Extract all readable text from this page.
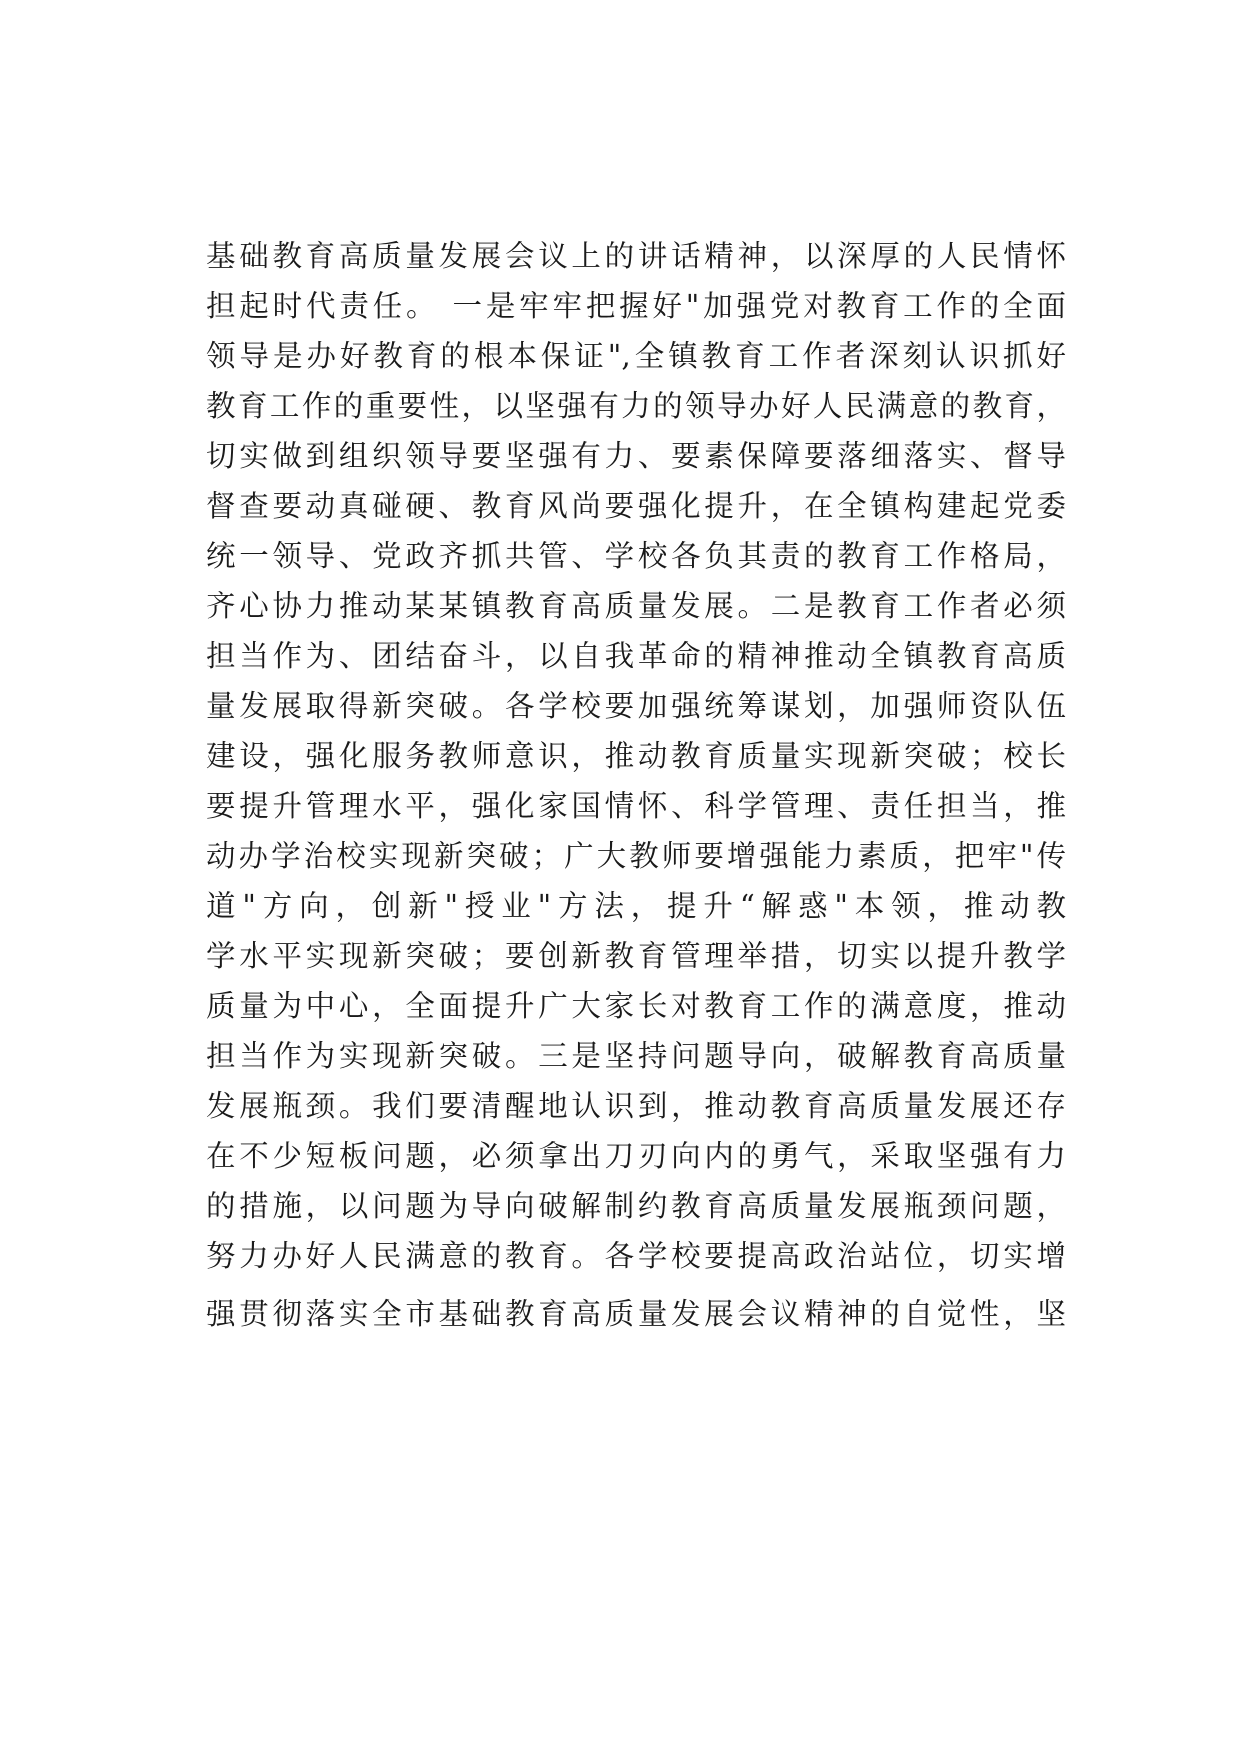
基础教育高质量发展会议上的讲话精神，以深厚的人民情怀
担起时代责任。 一是牢牢把握好"加强党对教育工作的全面
领导是办好教育的根本保证",全镇教育工作者深刻认识抓好
教育工作的重要性，以坚强有力的领导办好人民满意的教育，
切实做到组织领导要坚强有力、要素保障要落细落实、督导
督查要动真碰硬、教育风尚要强化提升，在全镇构建起党委
统一领导、党政齐抓共管、学校各负其责的教育工作格局，
齐心协力推动某某镇教育高质量发展。二是教育工作者必须
担当作为、团结奋斗，以自我革命的精神推动全镇教育高质
量发展取得新突破。各学校要加强统筹谋划，加强师资队伍
建设，强化服务教师意识，推动教育质量实现新突破；校长
要提升管理水平，强化家国情怀、科学管理、责任担当，推
动办学治校实现新突破；广大教师要增强能力素质，把牢"传
道"方向，创新"授业"方法，提升“解惑"本领，推动教
学水平实现新突破；要创新教育管理举措，切实以提升教学
质量为中心，全面提升广大家长对教育工作的满意度，推动
担当作为实现新突破。三是坚持问题导向，破解教育高质量
发展瓶颈。我们要清醒地认识到，推动教育高质量发展还存
在不少短板问题，必须拿出刀刃向内的勇气，采取坚强有力
的措施，以问题为导向破解制约教育高质量发展瓶颈问题，
努力办好人民满意的教育。各学校要提高政治站位，切实增
强贯彻落实全市基础教育高质量发展会议精神的自觉性，坚
